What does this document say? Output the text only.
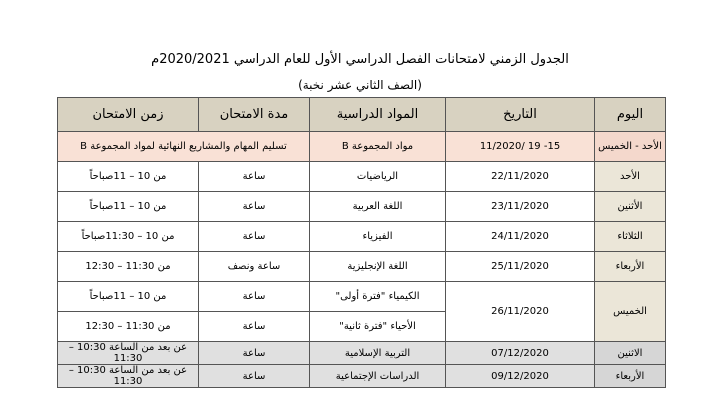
الجدول الزمني لامتحانات الفصل الدراسي الأول للعام الدراسي 2020/2021م
(الصف الثاني عشر نخبة)
اليوم	التاريخ	المواد الدراسية	مدة الامتحان	زمن الامتحان
الأحد - الخميس	15- 19 /11/2020	مواد المجموعة B	تسليم المهام والمشاريع النهائية لمواد المجموعة B	
الأحد	22/11/2020	الرياضيات	ساعة	من 10 – 11صباحاً
الأثنين	23/11/2020	اللغة العربية	ساعة	من 10 – 11صباحاً
الثلاثاء	24/11/2020	الفيزياء	ساعة	من 10 – 11:30صباحاً
الأربعاء	25/11/2020	اللغة الإنجليزية	ساعة ونصف	من 11:30 – 12:30
الخميس	26/11/2020	الكيمياء "فترة أولى"	ساعة	من 10 – 11صباحاً
		الأحياء "فترة ثانية"	ساعة	من 11:30 – 12:30
الاثنين	07/12/2020	التربية الإسلامية	ساعة	عن بعد من الساعة 10:30 – 11:30
الأربعاء	09/12/2020	الدراسات الإجتماعية	ساعة	عن بعد من الساعة 10:30 – 11:30
